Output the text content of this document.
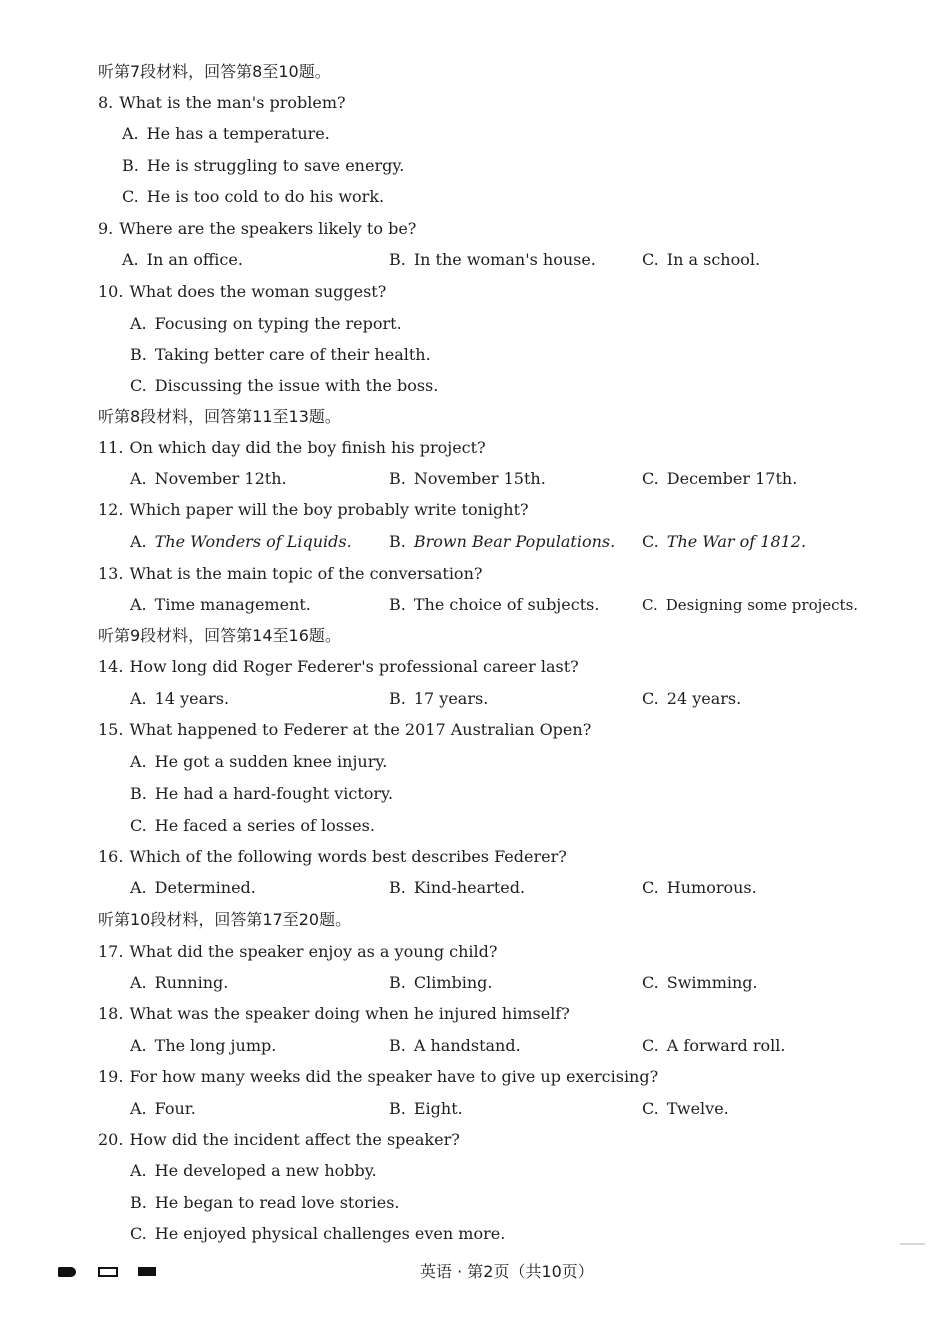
听第7段材料，回答第8至10题。
8. What is the man's problem?
A. He has a temperature.
B. He is struggling to save energy.
C. He is too cold to do his work.
9. Where are the speakers likely to be?
A. In an office.	B. In the woman's house.	C. In a school.
10. What does the woman suggest?
A. Focusing on typing the report.
B. Taking better care of their health.
C. Discussing the issue with the boss.
听第8段材料，回答第11至13题。
11. On which day did the boy finish his project?
A. November 12th.	B. November 15th.	C. December 17th.
12. Which paper will the boy probably write tonight?
A. The Wonders of Liquids. B. Brown Bear Populations. C. The War of 1812.
13. What is the main topic of the conversation?
A. Time management.	B. The choice of subjects.	C. Designing some projects.
听第9段材料，回答第14至16题。
14. How long did Roger Federer's professional career last?
A. 14 years.	B. 17 years.	C. 24 years.
15. What happened to Federer at the 2017 Australian Open?
A. He got a sudden knee injury.
B. He had a hard-fought victory.
C. He faced a series of losses.
16. Which of the following words best describes Federer?
A. Determined.	B. Kind-hearted.	C. Humorous.
听第10段材料，回答第17至20题。
17. What did the speaker enjoy as a young child?
A. Running.	B. Climbing.	C. Swimming.
18. What was the speaker doing when he injured himself?
A. The long jump.	B. A handstand.	C. A forward roll.
19. For how many weeks did the speaker have to give up exercising?
A. Four.	B. Eight.	C. Twelve.
20. How did the incident affect the speaker?
A. He developed a new hobby.
B. He began to read love stories.
C. He enjoyed physical challenges even more.
英语 · 第2页（共10页）
